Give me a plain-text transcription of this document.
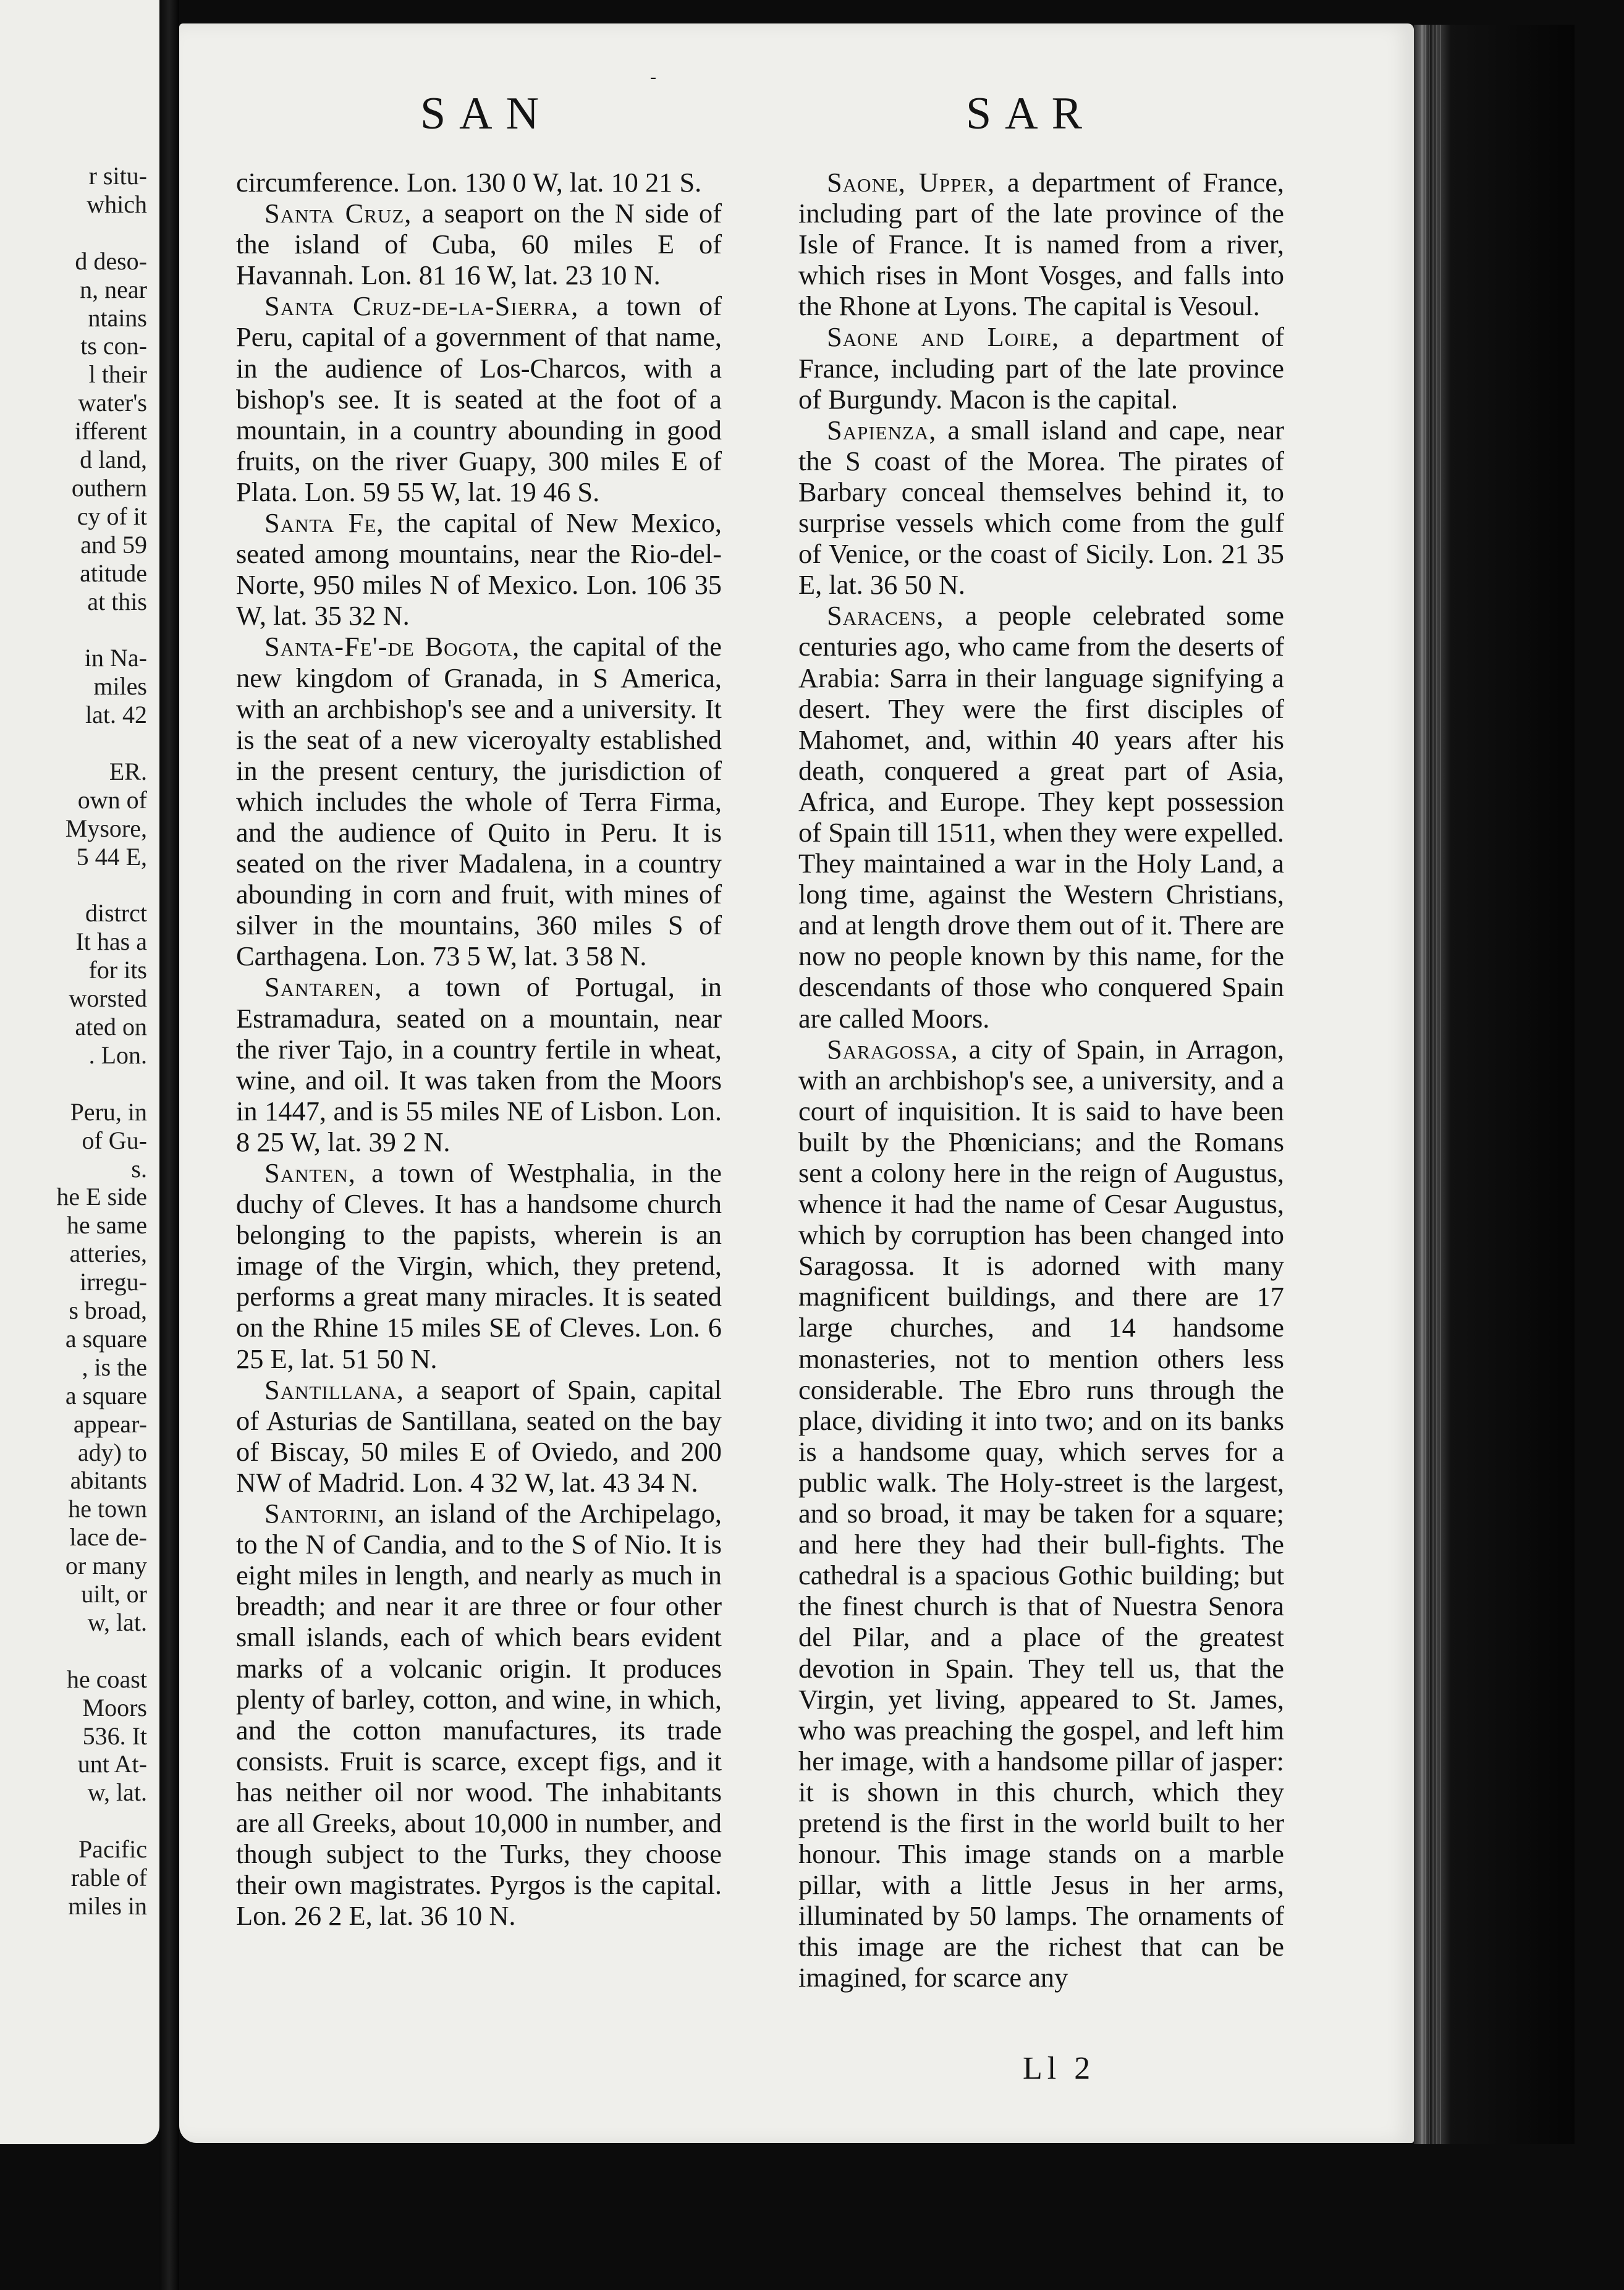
r situ-
which
d deso-
n, near
ntains
ts con-
l their
water's
ifferent
d land,
outhern
cy of it
and 59
atitude
at this
in Na-
miles
lat. 42
ER.
own of
Mysore,
5 44 E,
distrct
It has a
for its
worsted
ated on
. Lon.
Peru, in
of Gu-
s.
he E side
he same
atteries,
irregu-
s broad,
a square
, is the
a square
appear-
ady) to
abitants
he town
lace de-
or many
uilt, or
w, lat.
he coast
Moors
536. It
unt At-
w, lat.
Pacific
rable of
miles in
-
SAN	SAR

circumference. Lon. 130 0 W, lat. 10 21 S.

Santa Cruz, a seaport on the N side of the island of Cuba, 60 miles E of Havannah. Lon. 81 16 W, lat. 23 10 N.

Santa Cruz-de-la-Sierra, a town of Peru, capital of a government of that name, in the audience of Los-Charcos, with a bishop's see. It is seated at the foot of a mountain, in a country abounding in good fruits, on the river Guapy, 300 miles E of Plata. Lon. 59 55 W, lat. 19 46 S.

Santa Fe, the capital of New Mexico, seated among mountains, near the Rio-del-Norte, 950 miles N of Mexico. Lon. 106 35 W, lat. 35 32 N.

Santa-Fe'-de Bogota, the capital of the new kingdom of Granada, in S America, with an archbishop's see and a university. It is the seat of a new viceroyalty established in the present century, the jurisdiction of which includes the whole of Terra Firma, and the audience of Quito in Peru. It is seated on the river Madalena, in a country abounding in corn and fruit, with mines of silver in the mountains, 360 miles S of Carthagena. Lon. 73 5 W, lat. 3 58 N.

Santaren, a town of Portugal, in Estramadura, seated on a mountain, near the river Tajo, in a country fertile in wheat, wine, and oil. It was taken from the Moors in 1447, and is 55 miles NE of Lisbon. Lon. 8 25 W, lat. 39 2 N.

Santen, a town of Westphalia, in the duchy of Cleves. It has a handsome church belonging to the papists, wherein is an image of the Virgin, which, they pretend, performs a great many miracles. It is seated on the Rhine 15 miles SE of Cleves. Lon. 6 25 E, lat. 51 50 N.

Santillana, a seaport of Spain, capital of Asturias de Santillana, seated on the bay of Biscay, 50 miles E of Oviedo, and 200 NW of Madrid. Lon. 4 32 W, lat. 43 34 N.

Santorini, an island of the Archipelago, to the N of Candia, and to the S of Nio. It is eight miles in length, and nearly as much in breadth; and near it are three or four other small islands, each of which bears evident marks of a volcanic origin. It produces plenty of barley, cotton, and wine, in which, and the cotton manufactures, its trade consists. Fruit is scarce, except figs, and it has neither oil nor wood. The inhabitants are all Greeks, about 10,000 in number, and though subject to the Turks, they choose their own magistrates. Pyrgos is the capital. Lon. 26 2 E, lat. 36 10 N.

Saone, Upper, a department of France, including part of the late province of the Isle of France. It is named from a river, which rises in Mont Vosges, and falls into the Rhone at Lyons. The capital is Vesoul.

Saone and Loire, a department of France, including part of the late province of Burgundy. Macon is the capital.

Sapienza, a small island and cape, near the S coast of the Morea. The pirates of Barbary conceal themselves behind it, to surprise vessels which come from the gulf of Venice, or the coast of Sicily. Lon. 21 35 E, lat. 36 50 N.

Saracens, a people celebrated some centuries ago, who came from the deserts of Arabia: Sarra in their language signifying a desert. They were the first disciples of Mahomet, and, within 40 years after his death, conquered a great part of Asia, Africa, and Europe. They kept possession of Spain till 1511, when they were expelled. They maintained a war in the Holy Land, a long time, against the Western Christians, and at length drove them out of it. There are now no people known by this name, for the descendants of those who conquered Spain are called Moors.

Saragossa, a city of Spain, in Arragon, with an archbishop's see, a university, and a court of inquisition. It is said to have been built by the Phœnicians; and the Romans sent a colony here in the reign of Augustus, whence it had the name of Cesar Augustus, which by corruption has been changed into Saragossa. It is adorned with many magnificent buildings, and there are 17 large churches, and 14 handsome monasteries, not to mention others less considerable. The Ebro runs through the place, dividing it into two; and on its banks is a handsome quay, which serves for a public walk. The Holy-street is the largest, and so broad, it may be taken for a square; and here they had their bull-fights. The cathedral is a spacious Gothic building; but the finest church is that of Nuestra Senora del Pilar, and a place of the greatest devotion in Spain. They tell us, that the Virgin, yet living, appeared to St. James, who was preaching the gospel, and left him her image, with a handsome pillar of jasper: it is shown in this church, which they pretend is the first in the world built to her honour. This image stands on a marble pillar, with a little Jesus in her arms, illuminated by 50 lamps. The ornaments of this image are the richest that can be imagined, for scarce any

Ll 2
